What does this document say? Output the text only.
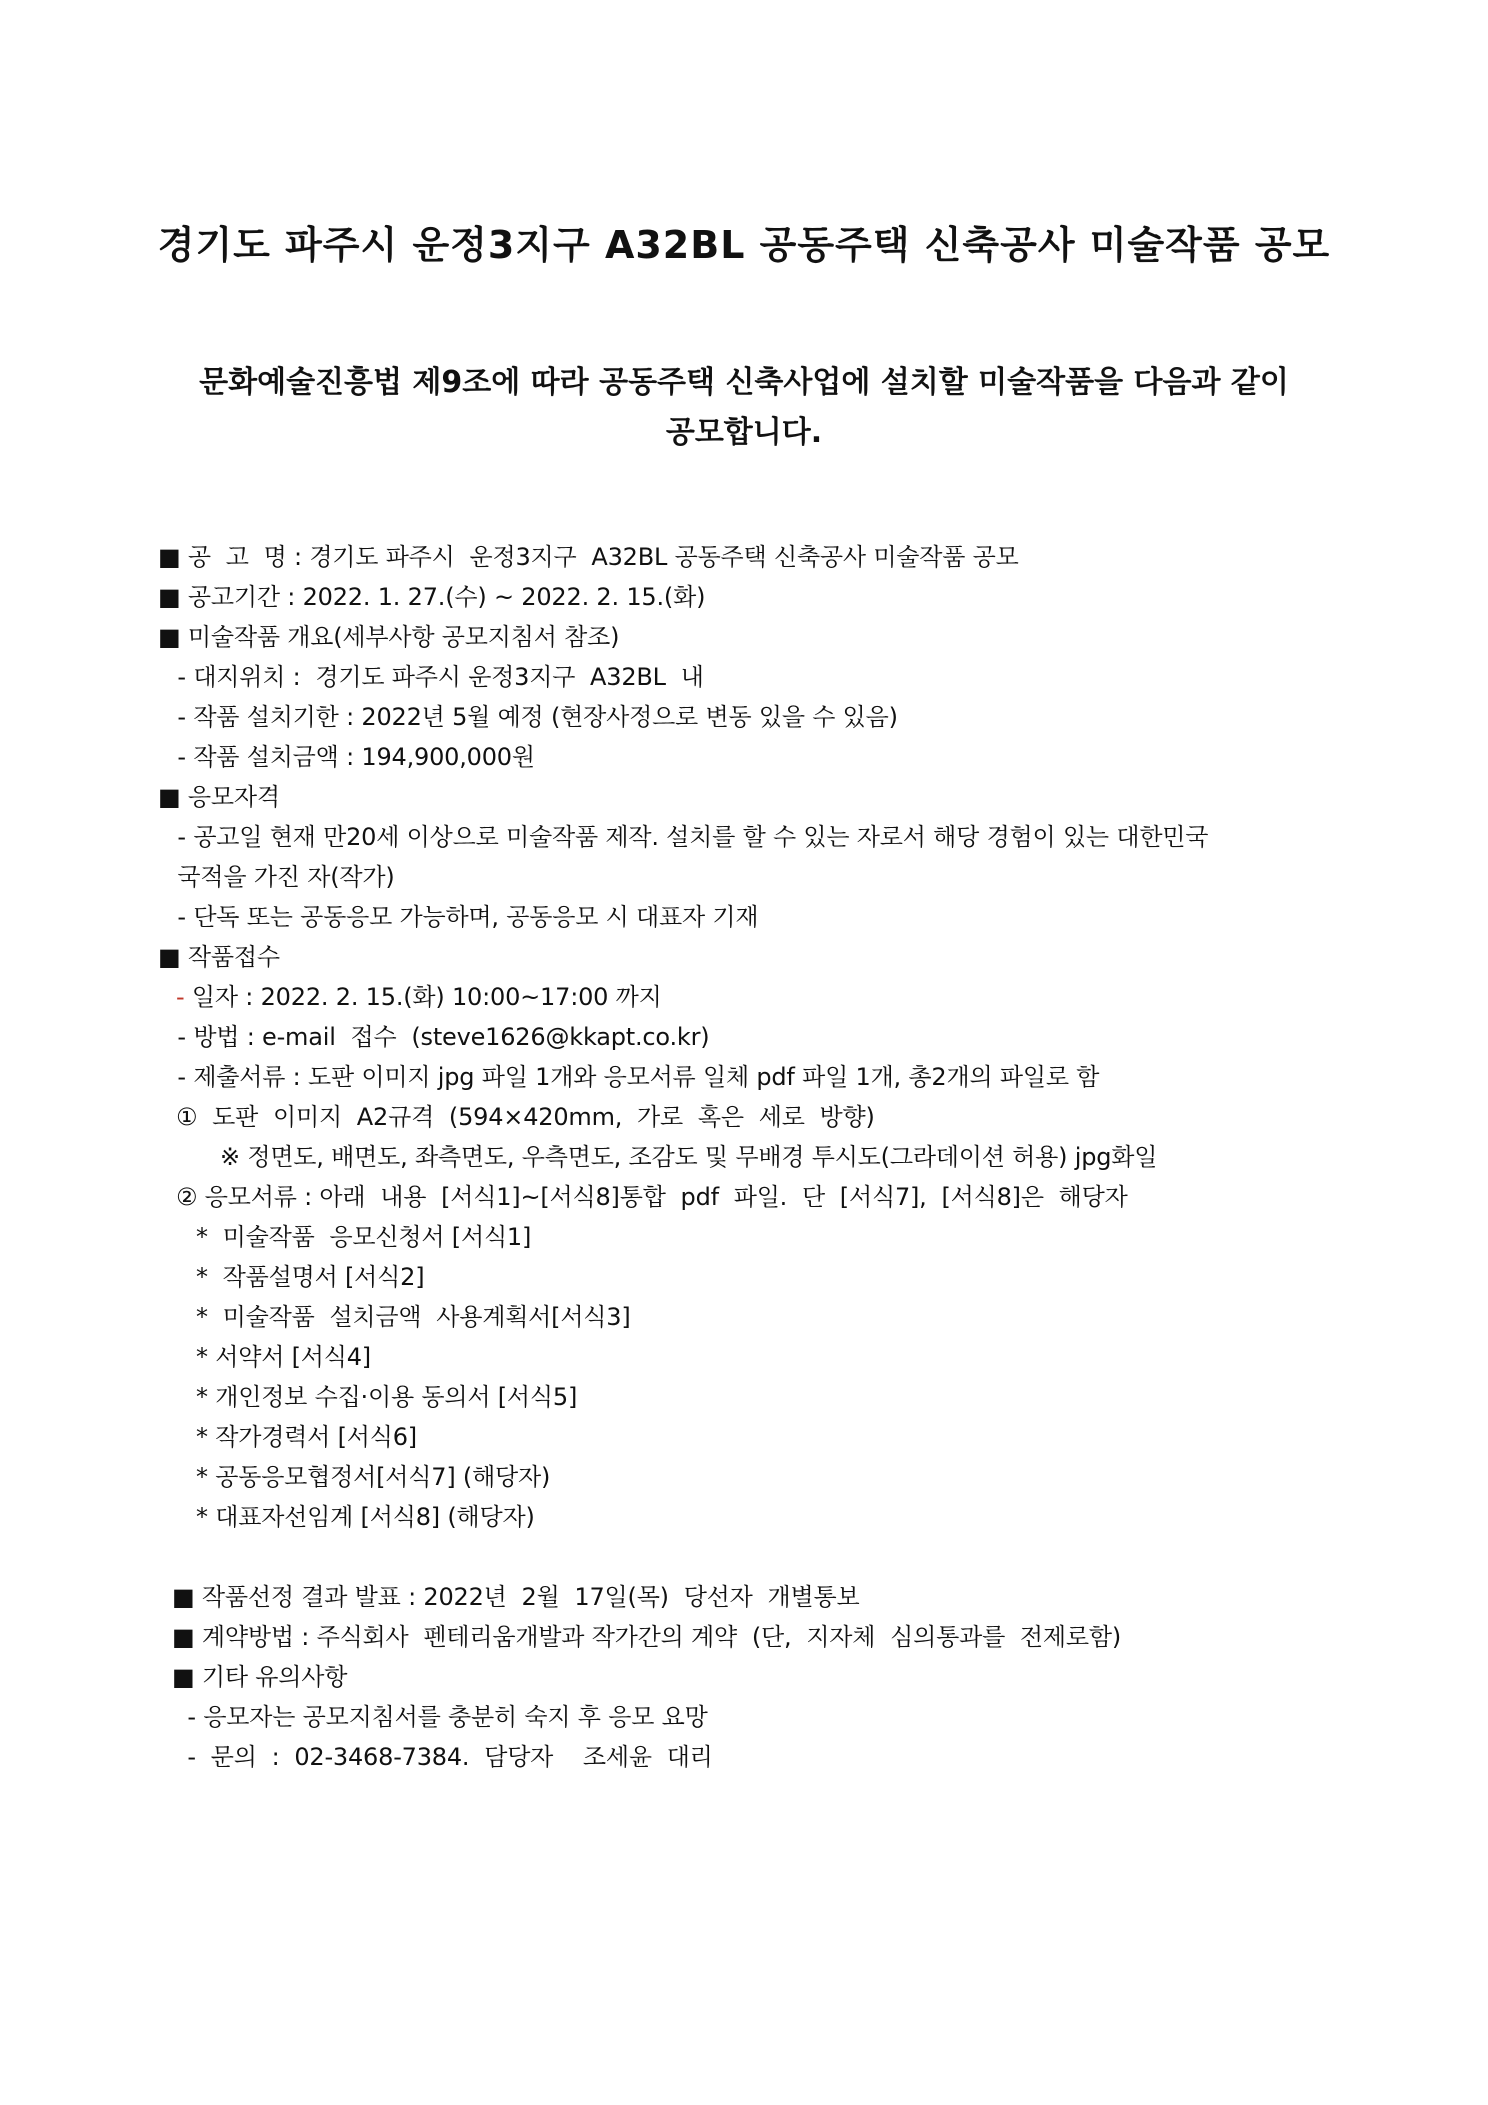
경기도 파주시 운정3지구 A32BL 공동주택 신축공사 미술작품 공모
문화예술진흥법 제9조에 따라 공동주택 신축사업에 설치할 미술작품을 다음과 같이
공모합니다.
■ 공  고  명 : 경기도 파주시  운정3지구  A32BL 공동주택 신축공사 미술작품 공모
■ 공고기간 : 2022. 1. 27.(수) ~ 2022. 2. 15.(화)
■ 미술작품 개요(세부사항 공모지침서 참조)
- 대지위치 :  경기도 파주시 운정3지구  A32BL  내
- 작품 설치기한 : 2022년 5월 예정 (현장사정으로 변동 있을 수 있음)
- 작품 설치금액 : 194,900,000원
■ 응모자격
- 공고일 현재 만20세 이상으로 미술작품 제작. 설치를 할 수 있는 자로서 해당 경험이 있는 대한민국
국적을 가진 자(작가)
- 단독 또는 공동응모 가능하며, 공동응모 시 대표자 기재
■ 작품접수
- 일자 : 2022. 2. 15.(화) 10:00~17:00 까지
- 방법 : e-mail  접수  (steve1626@kkapt.co.kr)
- 제출서류 : 도판 이미지 jpg 파일 1개와 응모서류 일체 pdf 파일 1개, 총2개의 파일로 함
①  도판  이미지  A2규격  (594×420mm,  가로  혹은  세로  방향)
※ 정면도, 배면도, 좌측면도, 우측면도, 조감도 및 무배경 투시도(그라데이션 허용) jpg화일
② 응모서류 : 아래  내용  [서식1]~[서식8]통합  pdf  파일.  단  [서식7],  [서식8]은  해당자
*  미술작품  응모신청서 [서식1]
*  작품설명서 [서식2]
*  미술작품  설치금액  사용계획서[서식3]
* 서약서 [서식4]
* 개인정보 수집·이용 동의서 [서식5]
* 작가경력서 [서식6]
* 공동응모협정서[서식7] (해당자)
* 대표자선임계 [서식8] (해당자)
■ 작품선정 결과 발표 : 2022년  2월  17일(목)  당선자  개별통보
■ 계약방법 : 주식회사  펜테리움개발과 작가간의 계약  (단,  지자체  심의통과를  전제로함)
■ 기타 유의사항
- 응모자는 공모지침서를 충분히 숙지 후 응모 요망
-  문의  :  02-3468-7384.  담당자    조세윤  대리
